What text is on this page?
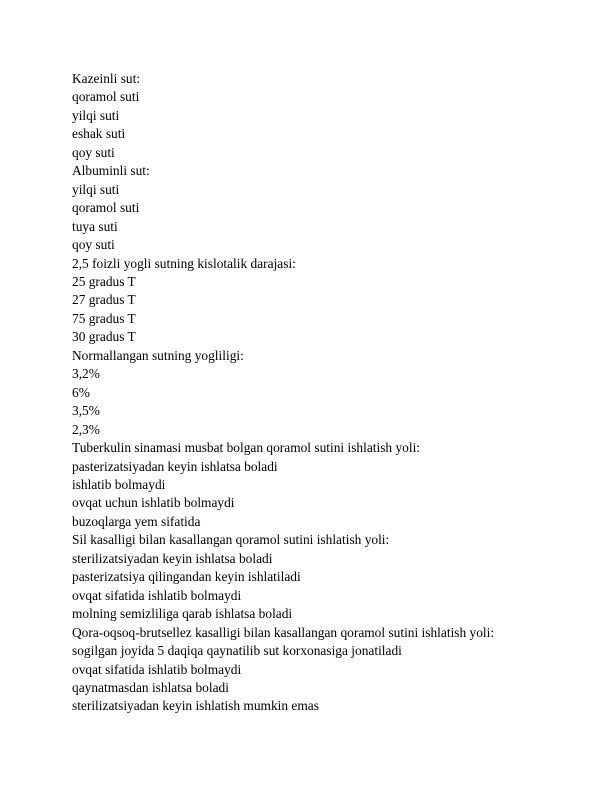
Kazeinli sut:
qoramol suti
yilqi suti
eshak suti
qoy suti
Albuminli sut:
yilqi suti
qoramol suti
tuya suti
qoy suti
2,5 foizli yogli sutning kislotalik darajasi:
25 gradus T
27 gradus T
75 gradus T
30 gradus T
Normallangan sutning yogliligi:
3,2%
6%
3,5%
2,3%
Tuberkulin sinamasi musbat bolgan qoramol sutini ishlatish yoli:
pasterizatsiyadan keyin ishlatsa boladi
ishlatib bolmaydi
ovqat uchun ishlatib bolmaydi
buzoqlarga yem sifatida
Sil kasalligi bilan kasallangan qoramol sutini ishlatish yoli:
sterilizatsiyadan keyin ishlatsa boladi
pasterizatsiya qilingandan keyin ishlatiladi
ovqat sifatida ishlatib bolmaydi
molning semizliliga qarab ishlatsa boladi
Qora-oqsoq-brutsellez kasalligi bilan kasallangan qoramol sutini ishlatish yoli:
sogilgan joyida 5 daqiqa qaynatilib sut korxonasiga jonatiladi
ovqat sifatida ishlatib bolmaydi
qaynatmasdan ishlatsa boladi
sterilizatsiyadan keyin ishlatish mumkin emas
